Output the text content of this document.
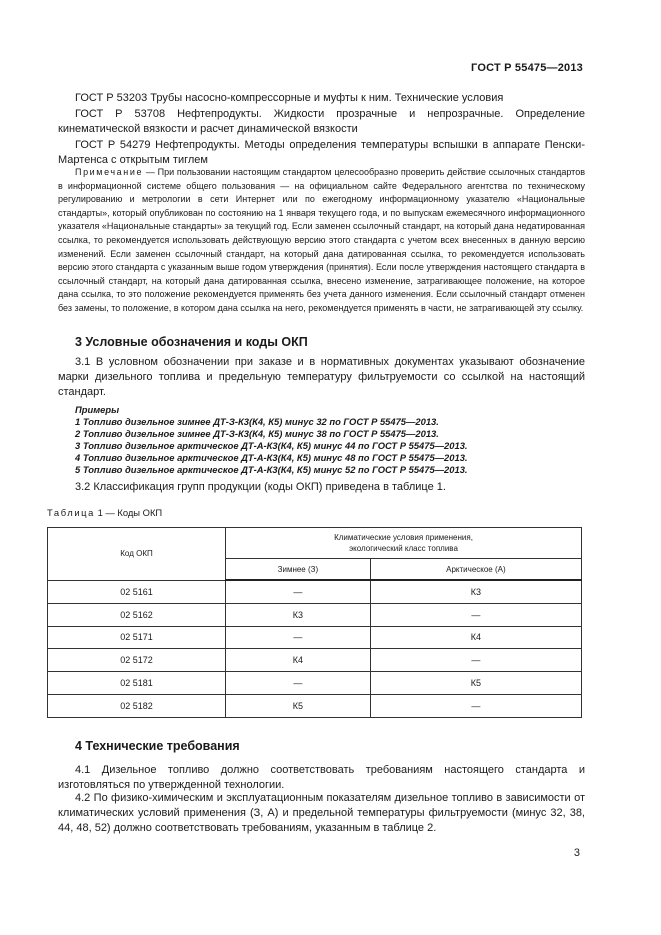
ГОСТ Р 55475—2013

ГОСТ Р 53203 Трубы насосно-компрессорные и муфты к ним. Технические условия

ГОСТ Р 53708 Нефтепродукты. Жидкости прозрачные и непрозрачные. Определение кинематической вязкости и расчет динамической вязкости

ГОСТ Р 54279 Нефтепродукты. Методы определения температуры вспышки в аппарате Пенски-Мартенса с открытым тиглем

Примечание — При пользовании настоящим стандартом целесообразно проверить действие ссылочных стандартов в информационной системе общего пользования — на официальном сайте Федерального агентства по техническому регулированию и метрологии в сети Интернет или по ежегодному информационному указателю «Национальные стандарты», который опубликован по состоянию на 1 января текущего года, и по выпускам ежемесячного информационного указателя «Национальные стандарты» за текущий год. Если заменен ссылочный стандарт, на который дана недатированная ссылка, то рекомендуется использовать действующую версию этого стандарта с учетом всех внесенных в данную версию изменений. Если заменен ссылочный стандарт, на который дана датированная ссылка, то рекомендуется использовать версию этого стандарта с указанным выше годом утверждения (принятия). Если после утверждения настоящего стандарта в ссылочный стандарт, на который дана датированная ссылка, внесено изменение, затрагивающее положение, на которое дана ссылка, то это положение рекомендуется применять без учета данного изменения. Если ссылочный стандарт отменен без замены, то положение, в котором дана ссылка на него, рекомендуется применять в части, не затрагивающей эту ссылку.
3 Условные обозначения и коды ОКП

3.1 В условном обозначении при заказе и в нормативных документах указывают обозначение марки дизельного топлива и предельную температуру фильтруемости со ссылкой на настоящий стандарт.

Примеры
1 Топливо дизельное зимнее ДТ-З-К3(К4, К5) минус 32 по ГОСТ Р 55475—2013.
2 Топливо дизельное зимнее ДТ-З-К3(К4, К5) минус 38 по ГОСТ Р 55475—2013.
3 Топливо дизельное арктическое ДТ-А-К3(К4, К5) минус 44 по ГОСТ Р 55475—2013.
4 Топливо дизельное арктическое ДТ-А-К3(К4, К5) минус 48 по ГОСТ Р 55475—2013.
5 Топливо дизельное арктическое ДТ-А-К3(К4, К5) минус 52 по ГОСТ Р 55475—2013.

3.2 Классификация групп продукции (коды ОКП) приведена в таблице 1.

Таблица 1 — Коды ОКП
Код ОКП	Климатические условия применения,
экологический класс топлива	
	Зимнее (З)	Арктическое (А)
02 5161	—	К3
02 5162	К3	—
02 5171	—	К4
02 5172	К4	—
02 5181	—	К5
02 5182	К5	—
4 Технические требования

4.1 Дизельное топливо должно соответствовать требованиям настоящего стандарта и изготовляться по утвержденной технологии.

4.2 По физико-химическим и эксплуатационным показателям дизельное топливо в зависимости от климатических условий применения (З, А) и предельной температуры фильтруемости (минус 32, 38, 44, 48, 52) должно соответствовать требованиям, указанным в таблице 2.

3
